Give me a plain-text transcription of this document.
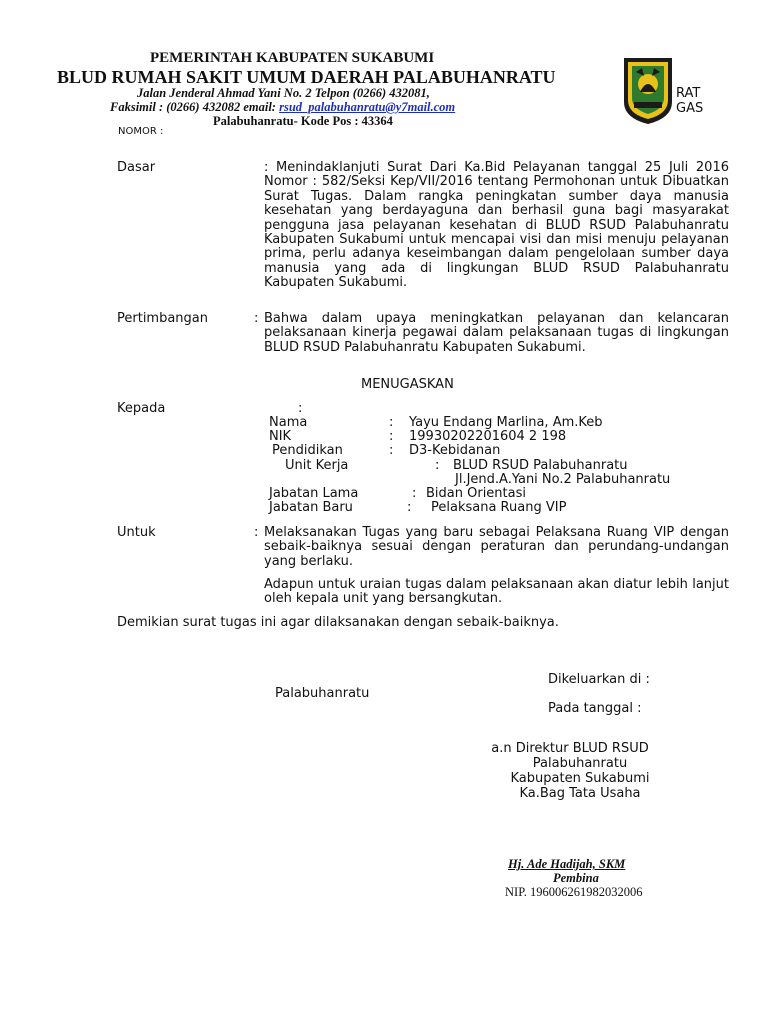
PEMERINTAH KABUPATEN SUKABUMI
BLUD RUMAH SAKIT UMUM DAERAH PALABUHANRATU
Jalan Jenderal Ahmad Yani No. 2 Telpon (0266) 432081,
Faksimil : (0266) 432082 email: rsud_palabuhanratu@y7mail.com
Palabuhanratu- Kode Pos : 43364
RAT
GAS
NOMOR :
Dasar	: Menindaklanjuti Surat Dari Ka.Bid Pelayanan tanggal 25 Juli 2016 Nomor : 582/Seksi Kep/VII/2016 tentang Permohonan untuk Dibuatkan Surat Tugas. Dalam rangka peningkatan sumber daya manusia kesehatan yang berdayaguna dan berhasil guna bagi masyarakat pengguna jasa pelayanan kesehatan di BLUD RSUD Palabuhanratu Kabupaten Sukabumi untuk mencapai visi dan misi menuju pelayanan prima, perlu adanya keseimbangan dalam pengelolaan sumber daya manusia yang ada di lingkungan BLUD RSUD Palabuhanratu Kabupaten Sukabumi.
Pertimbangan	: Bahwa dalam upaya meningkatkan pelayanan dan kelancaran pelaksanaan kinerja pegawai dalam pelaksanaan tugas di lingkungan BLUD RSUD Palabuhanratu Kabupaten Sukabumi.
MENUGASKAN
Kepada	:
Nama	: Yayu Endang Marlina, Am.Keb
NIK	: 19930202201604 2 198
Pendidikan	: D3-Kebidanan
Unit Kerja	: BLUD RSUD Palabuhanratu
Jl.Jend.A.Yani No.2 Palabuhanratu
Jabatan Lama	: Bidan Orientasi
Jabatan Baru	: Pelaksana Ruang VIP
Untuk	: Melaksanakan Tugas yang baru sebagai Pelaksana Ruang VIP dengan sebaik-baiknya sesuai dengan peraturan dan perundang-undangan yang berlaku.
Adapun untuk uraian tugas dalam pelaksanaan akan diatur lebih lanjut oleh kepala unit yang bersangkutan.
Demikian surat tugas ini agar dilaksanakan dengan sebaik-baiknya.
Dikeluarkan di :
Palabuhanratu
Pada tanggal :
a.n Direktur BLUD RSUD
Palabuhanratu
Kabupaten Sukabumi
Ka.Bag Tata Usaha
Hj. Ade Hadijah, SKM
Pembina
NIP. 196006261982032006
